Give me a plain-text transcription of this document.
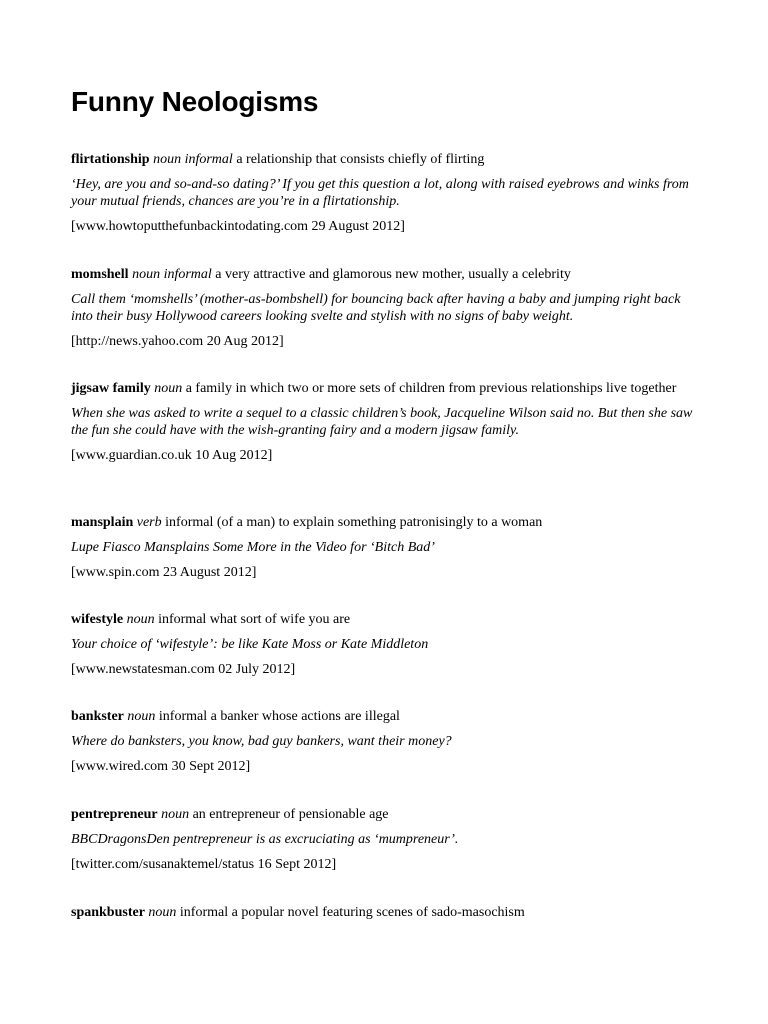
Funny Neologisms

flirtationship noun informal a relationship that consists chiefly of flirting

‘Hey, are you and so-and-so dating?’ If you get this question a lot, along with raised eyebrows and winks from your mutual friends, chances are you’re in a flirtationship.

[www.howtoputthefunbackintodating.com 29 August 2012]

momshell noun informal a very attractive and glamorous new mother, usually a celebrity

Call them ‘momshells’ (mother-as-bombshell) for bouncing back after having a baby and jumping right back into their busy Hollywood careers looking svelte and stylish with no signs of baby weight.

[http://news.yahoo.com 20 Aug 2012]

jigsaw family noun a family in which two or more sets of children from previous relationships live together

When she was asked to write a sequel to a classic children’s book, Jacqueline Wilson said no. But then she saw the fun she could have with the wish-granting fairy and a modern jigsaw family.

[www.guardian.co.uk 10 Aug 2012]

mansplain verb informal (of a man) to explain something patronisingly to a woman

Lupe Fiasco Mansplains Some More in the Video for ‘Bitch Bad’

[www.spin.com 23 August 2012]

wifestyle noun informal what sort of wife you are

Your choice of ‘wifestyle’: be like Kate Moss or Kate Middleton

[www.newstatesman.com 02 July 2012]

bankster noun informal a banker whose actions are illegal

Where do banksters, you know, bad guy bankers, want their money?

[www.wired.com 30 Sept 2012]

pentrepreneur noun an entrepreneur of pensionable age

BBCDragonsDen pentrepreneur is as excruciating as ‘mumpreneur’.

[twitter.com/susanaktemel/status 16 Sept 2012]

spankbuster noun informal a popular novel featuring scenes of sado-masochism
